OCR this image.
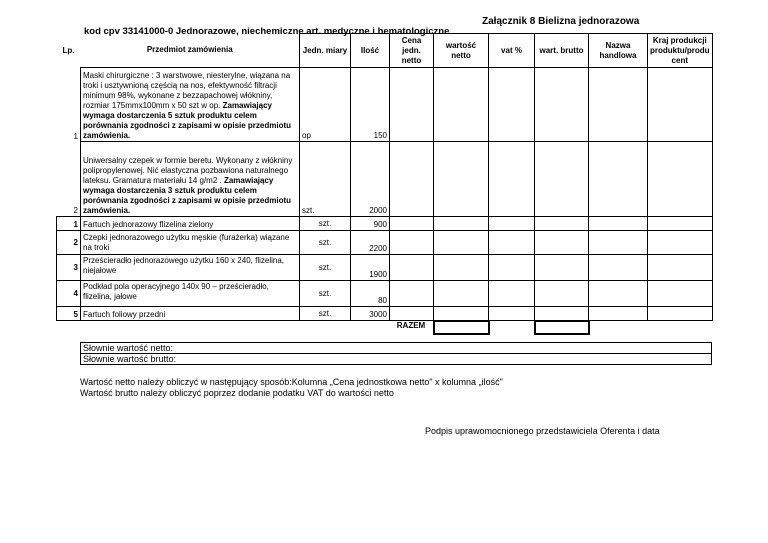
Załącznik 8 Bielizna jednorazowa
kod cpv 33141000-0 Jednorazowe, niechemiczne art. medyczne i hematologiczne
Lp.	Przedmiot zamówienia	Jedn. miary	Ilość	Cena jedn. netto	wartość netto	vat %	wart. brutto	Nazwa handlowa	Kraj produkcji produktu/produ cent
1	Maski chirurgiczne : 3 warstwowe, niesterylne, wiązana na troki i usztywnioną częścią na nos, efektywność filtracji minimum 98%, wykonane z bezzapachowej włókniny, rozmiar 175mmx100mm x 50 szt w op. Zamawiający wymaga dostarczenia 5 sztuk produktu celem porównania zgodności z zapisami w opisie przedmiotu zamówienia.	op	150						
2	Uniwersalny czepek w formie beretu. Wykonany z włókniny polipropylenowej. Nić elastyczna pozbawiona naturalnego lateksu. Gramatura materiału 14 g/m2 . Zamawiający wymaga dostarczenia 3 sztuk produktu celem porównania zgodności z zapisami w opisie przedmiotu zamówienia.	szt.	2000						
1	Fartuch jednorazowy flizelina zielony	szt.	900						
2	Czepki jednorazowego użytku męskie (furażerka) wiązane na troki	szt.	2200						
3	Prześcieradło jednorazowego użytku 160 x 240, flizelina, niejałowe	szt.	1900						
4	Podkład pola operacyjnego 140x 90 – prześcieradło, flizelina, jałowe	szt.	80						
5	Fartuch foliowy przedni	szt.	3000						
				RAZEM					
Słownie wartość netto:
Słownie wartość brutto:
Wartość netto należy obliczyć w następujący sposób:Kolumna „Cena jednostkowa netto" x kolumna „ilość"
Wartość brutto należy obliczyć poprzez dodanie podatku VAT do wartości netto
Podpis uprawomocnionego przedstawiciela Oferenta i data
